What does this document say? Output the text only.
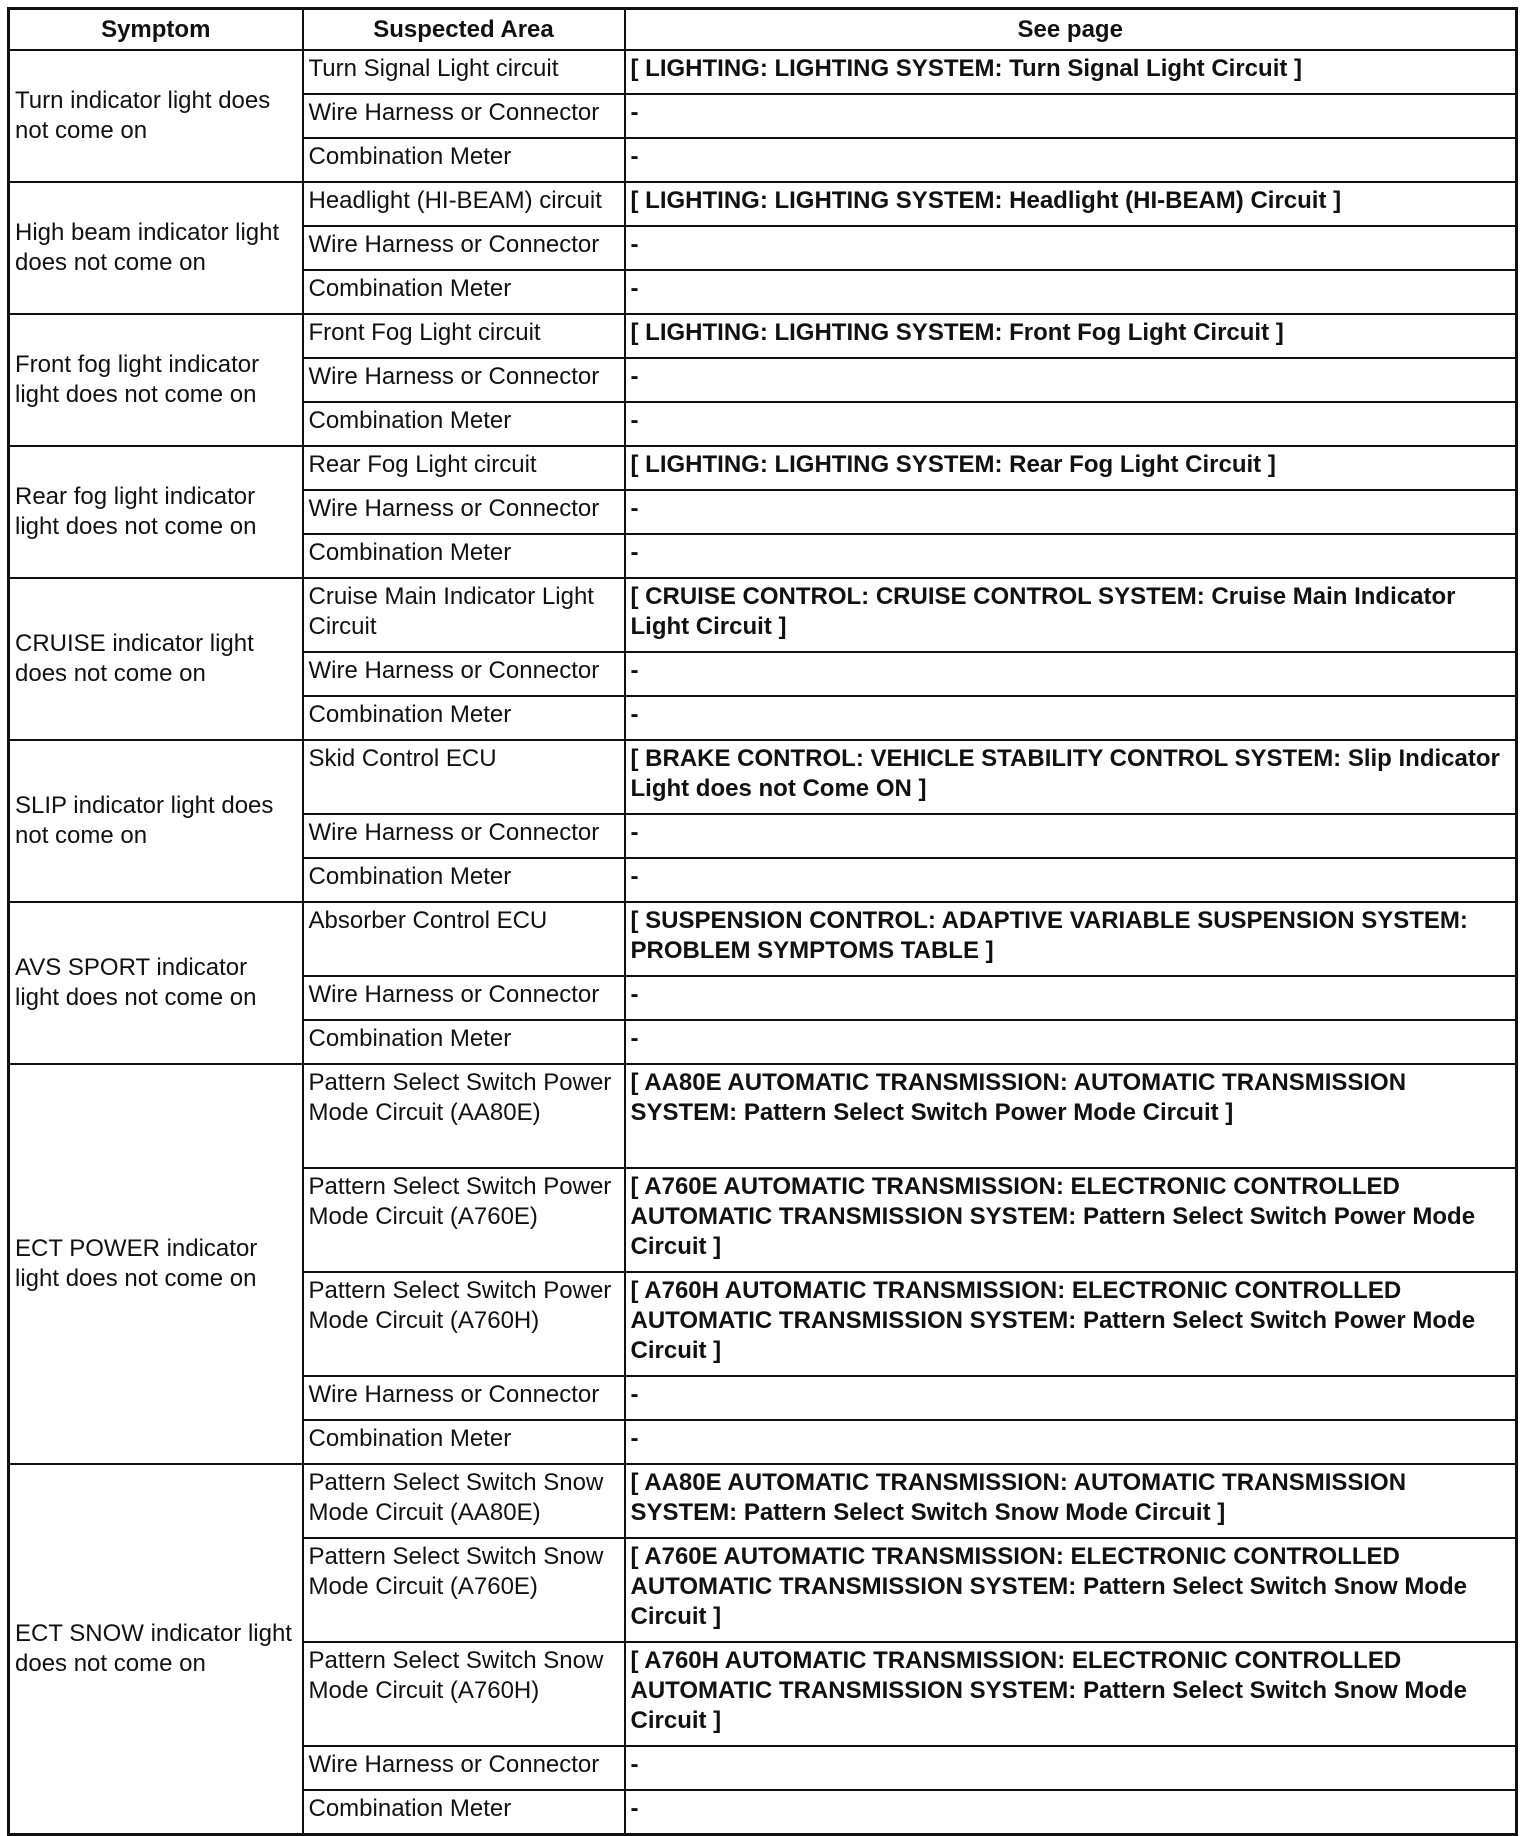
Symptom	Suspected Area	See page
Turn indicator light does not come on	Turn Signal Light circuit	[ LIGHTING: LIGHTING SYSTEM: Turn Signal Light Circuit ]
	Wire Harness or Connector	-
	Combination Meter	-
High beam indicator light does not come on	Headlight (HI-BEAM) circuit	[ LIGHTING: LIGHTING SYSTEM: Headlight (HI-BEAM) Circuit ]
	Wire Harness or Connector	-
	Combination Meter	-
Front fog light indicator light does not come on	Front Fog Light circuit	[ LIGHTING: LIGHTING SYSTEM: Front Fog Light Circuit ]
	Wire Harness or Connector	-
	Combination Meter	-
Rear fog light indicator light does not come on	Rear Fog Light circuit	[ LIGHTING: LIGHTING SYSTEM: Rear Fog Light Circuit ]
	Wire Harness or Connector	-
	Combination Meter	-
CRUISE indicator light does not come on	Cruise Main Indicator Light Circuit	[ CRUISE CONTROL: CRUISE CONTROL SYSTEM: Cruise Main Indicator Light Circuit ]
	Wire Harness or Connector	-
	Combination Meter	-
SLIP indicator light does not come on	Skid Control ECU	[ BRAKE CONTROL: VEHICLE STABILITY CONTROL SYSTEM: Slip Indicator Light does not Come ON ]
	Wire Harness or Connector	-
	Combination Meter	-
AVS SPORT indicator light does not come on	Absorber Control ECU	[ SUSPENSION CONTROL: ADAPTIVE VARIABLE SUSPENSION SYSTEM: PROBLEM SYMPTOMS TABLE ]
	Wire Harness or Connector	-
	Combination Meter	-
ECT POWER indicator light does not come on	Pattern Select Switch Power Mode Circuit (AA80E)	[ AA80E AUTOMATIC TRANSMISSION: AUTOMATIC TRANSMISSION SYSTEM: Pattern Select Switch Power Mode Circuit ]
	Pattern Select Switch Power Mode Circuit (A760E)	[ A760E AUTOMATIC TRANSMISSION: ELECTRONIC CONTROLLED AUTOMATIC TRANSMISSION SYSTEM: Pattern Select Switch Power Mode Circuit ]
	Pattern Select Switch Power Mode Circuit (A760H)	[ A760H AUTOMATIC TRANSMISSION: ELECTRONIC CONTROLLED AUTOMATIC TRANSMISSION SYSTEM: Pattern Select Switch Power Mode Circuit ]
	Wire Harness or Connector	-
	Combination Meter	-
ECT SNOW indicator light does not come on	Pattern Select Switch Snow Mode Circuit (AA80E)	[ AA80E AUTOMATIC TRANSMISSION: AUTOMATIC TRANSMISSION SYSTEM: Pattern Select Switch Snow Mode Circuit ]
	Pattern Select Switch Snow Mode Circuit (A760E)	[ A760E AUTOMATIC TRANSMISSION: ELECTRONIC CONTROLLED AUTOMATIC TRANSMISSION SYSTEM: Pattern Select Switch Snow Mode Circuit ]
	Pattern Select Switch Snow Mode Circuit (A760H)	[ A760H AUTOMATIC TRANSMISSION: ELECTRONIC CONTROLLED AUTOMATIC TRANSMISSION SYSTEM: Pattern Select Switch Snow Mode Circuit ]
	Wire Harness or Connector	-
	Combination Meter	-
